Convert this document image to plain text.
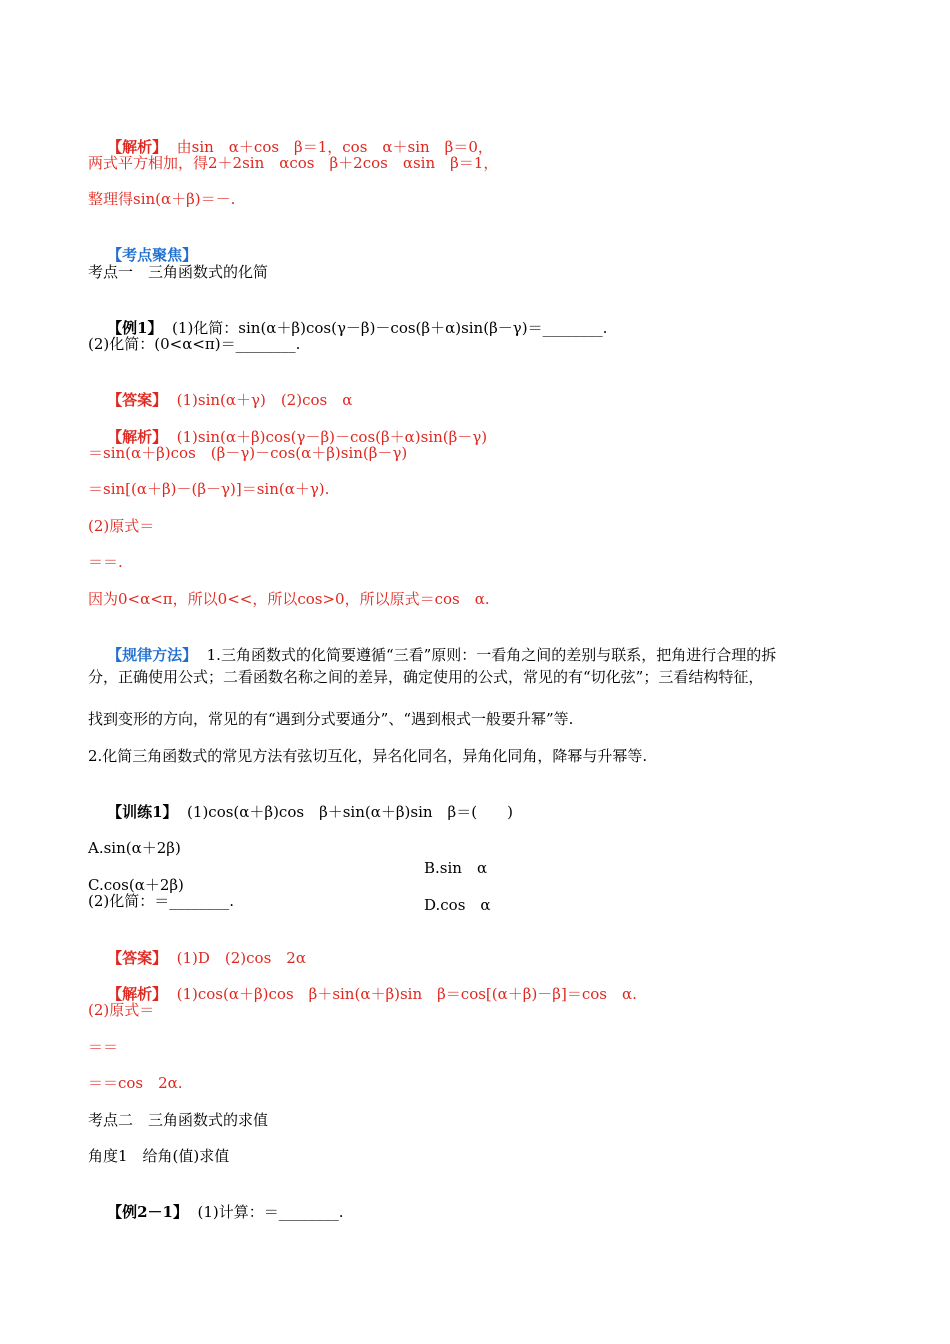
【解析】  由sin　α＋cos　β＝1，cos　α＋sin　β＝0，

两式平方相加，得2＋2sin　αcos　β＋2cos　αsin　β＝1，
整理得sin(α＋β)＝－.

【考点聚焦】

考点一　三角函数式的化简

【例1】  (1)化简：sin(α＋β)cos(γ－β)－cos(β＋α)sin(β－γ)＝________.

(2)化简：(0<α<π)＝________.

【答案】  (1)sin(α＋γ)　(2)cos　α

【解析】  (1)sin(α＋β)cos(γ－β)－cos(β＋α)sin(β－γ)

＝sin(α＋β)cos　(β－γ)－cos(α＋β)sin(β－γ)
＝sin[(α＋β)－(β－γ)]＝sin(α＋γ).
(2)原式＝
＝＝.
因为0<α<π，所以0<<，所以cos>0，所以原式＝cos　α.

【规律方法】  1.三角函数式的化简要遵循“三看”原则：一看角之间的差别与联系，把角进行合理的拆

分，正确使用公式；二看函数名称之间的差异，确定使用的公式，常见的有“切化弦”；三看结构特征，
找到变形的方向，常见的有“遇到分式要通分”、“遇到根式一般要升幂”等.
2.化简三角函数式的常见方法有弦切互化，异名化同名，异角化同角，降幂与升幂等.

【训练1】  (1)cos(α＋β)cos　β＋sin(α＋β)sin　β＝(　　)

A.sin(α＋2β)

B.sin　α

C.cos(α＋2β)

D.cos　α

(2)化简：＝________.

【答案】  (1)D　(2)cos　2α

【解析】  (1)cos(α＋β)cos　β＋sin(α＋β)sin　β＝cos[(α＋β)－β]＝cos　α.

(2)原式＝
＝＝
＝＝cos　2α.
考点二　三角函数式的求值
角度1　给角(值)求值

【例2－1】  (1)计算：＝________.
